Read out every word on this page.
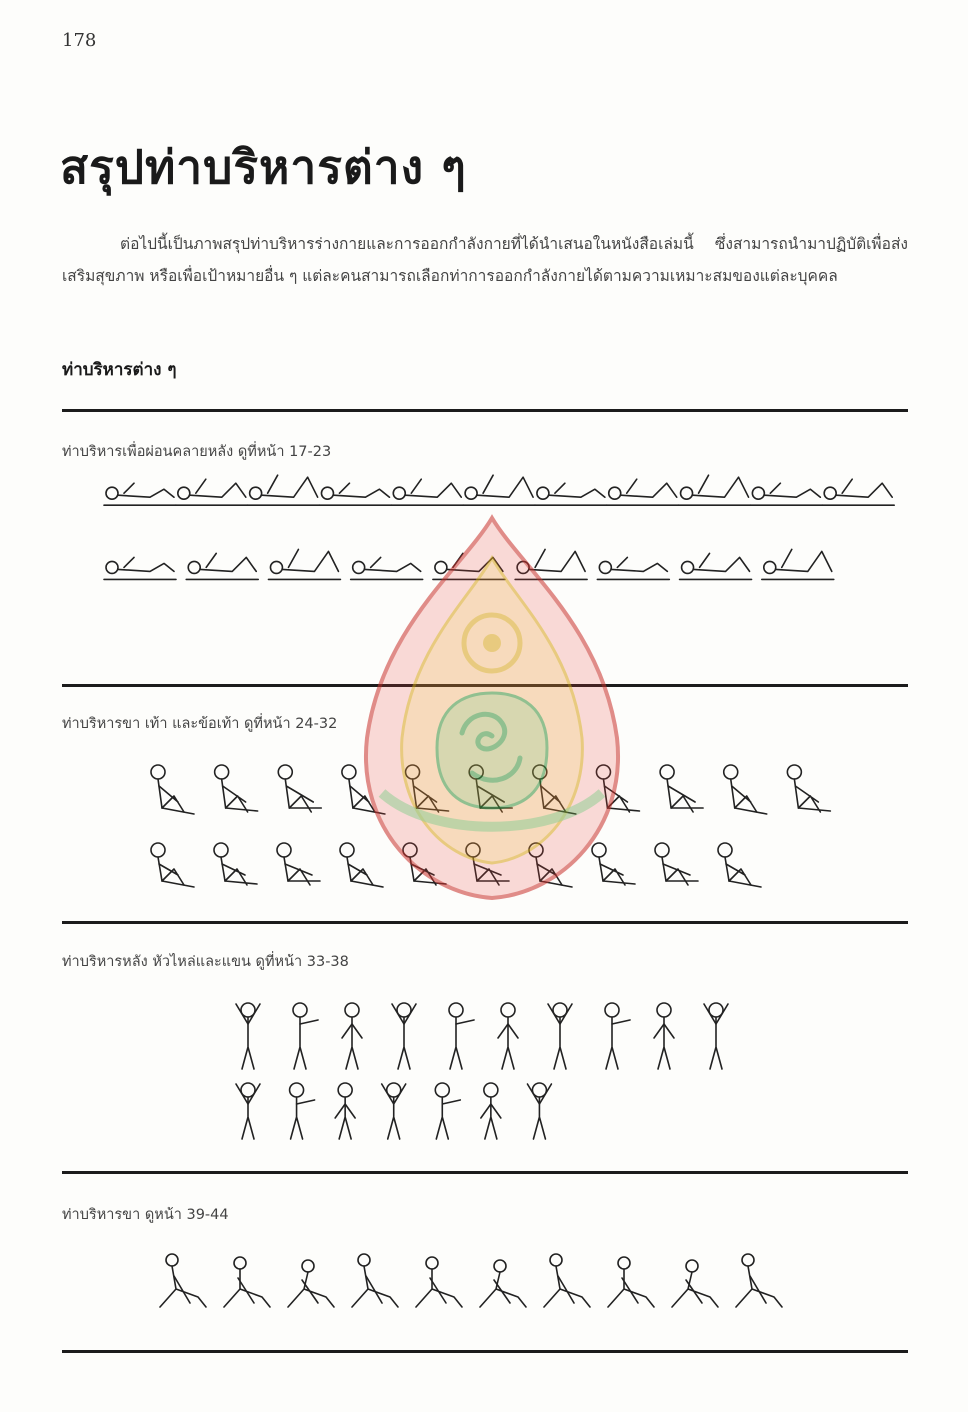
178
สรุปท่าบริหารต่าง ๆ

ต่อไปนี้เป็นภาพสรุปท่าบริหารร่างกายและการออกกำลังกายที่ได้นำเสนอในหนังสือเล่มนี้ ซึ่งสามารถนำมาปฏิบัติเพื่อส่งเสริมสุขภาพ หรือเพื่อเป้าหมายอื่น ๆ แต่ละคนสามารถเลือกท่าการออกกำลังกายได้ตามความเหมาะสมของแต่ละบุคคล

ท่าบริหารต่าง ๆ
ท่าบริหารเพื่อผ่อนคลายหลัง ดูที่หน้า 17-23
ท่าบริหารขา เท้า และข้อเท้า ดูที่หน้า 24-32
ท่าบริหารหลัง หัวไหล่และแขน ดูที่หน้า 33-38
ท่าบริหารขา ดูหน้า 39-44
